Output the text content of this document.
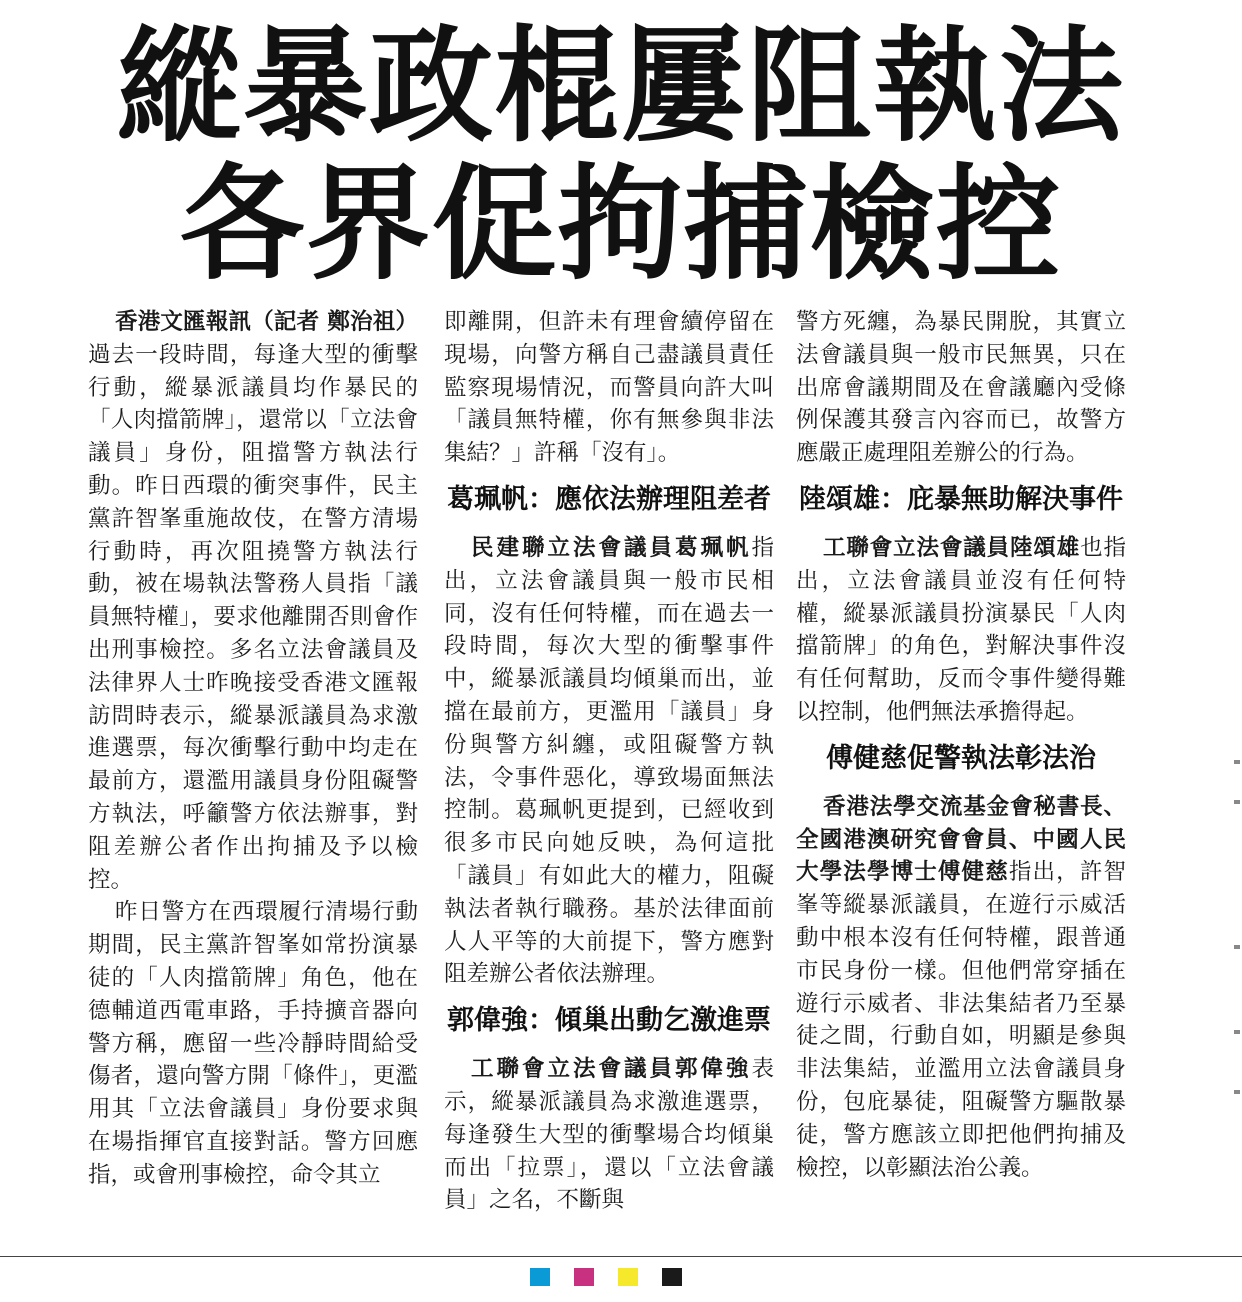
縱暴政棍屢阻執法
各界促拘捕檢控

香港文匯報訊（記者 鄭治祖）過去一段時間，每逢大型的衝擊行動，縱暴派議員均作暴民的「人肉擋箭牌」，還常以「立法會議員」身份，阻擋警方執法行動。昨日西環的衝突事件，民主黨許智峯重施故伎，在警方清場行動時，再次阻撓警方執法行動，被在場執法警務人員指「議員無特權」，要求他離開否則會作出刑事檢控。多名立法會議員及法律界人士昨晚接受香港文匯報訪問時表示，縱暴派議員為求激進選票，每次衝擊行動中均走在最前方，還濫用議員身份阻礙警方執法，呼籲警方依法辦事，對阻差辦公者作出拘捕及予以檢控。

昨日警方在西環履行清場行動期間，民主黨許智峯如常扮演暴徒的「人肉擋箭牌」角色，他在德輔道西電車路，手持擴音器向警方稱，應留一些冷靜時間給受傷者，還向警方開「條件」，更濫用其「立法會議員」身份要求與在場指揮官直接對話。警方回應指，或會刑事檢控，命令其立

即離開，但許未有理會續停留在現場，向警方稱自己盡議員責任監察現場情況，而警員向許大叫「議員無特權，你有無參與非法集結？」許稱「沒有」。

葛珮帆：應依法辦理阻差者

民建聯立法會議員葛珮帆指出，立法會議員與一般市民相同，沒有任何特權，而在過去一段時間，每次大型的衝擊事件中，縱暴派議員均傾巢而出，並擋在最前方，更濫用「議員」身份與警方糾纏，或阻礙警方執法，令事件惡化，導致場面無法控制。葛珮帆更提到，已經收到很多市民向她反映，為何這批「議員」有如此大的權力，阻礙執法者執行職務。基於法律面前人人平等的大前提下，警方應對阻差辦公者依法辦理。

郭偉強：傾巢出動乞激進票

工聯會立法會議員郭偉強表示，縱暴派議員為求激進選票，每逢發生大型的衝擊場合均傾巢而出「拉票」，還以「立法會議員」之名，不斷與

警方死纏，為暴民開脫，其實立法會議員與一般市民無異，只在出席會議期間及在會議廳內受條例保護其發言內容而已，故警方應嚴正處理阻差辦公的行為。

陸頌雄：庇暴無助解決事件

工聯會立法會議員陸頌雄也指出，立法會議員並沒有任何特權，縱暴派議員扮演暴民「人肉擋箭牌」的角色，對解決事件沒有任何幫助，反而令事件變得難以控制，他們無法承擔得起。

傅健慈促警執法彰法治

香港法學交流基金會秘書長、全國港澳研究會會員、中國人民大學法學博士傅健慈指出，許智峯等縱暴派議員，在遊行示威活動中根本沒有任何特權，跟普通市民身份一樣。但他們常穿插在遊行示威者、非法集結者乃至暴徒之間，行動自如，明顯是參與非法集結，並濫用立法會議員身份，包庇暴徒，阻礙警方驅散暴徒，警方應該立即把他們拘捕及檢控，以彰顯法治公義。
